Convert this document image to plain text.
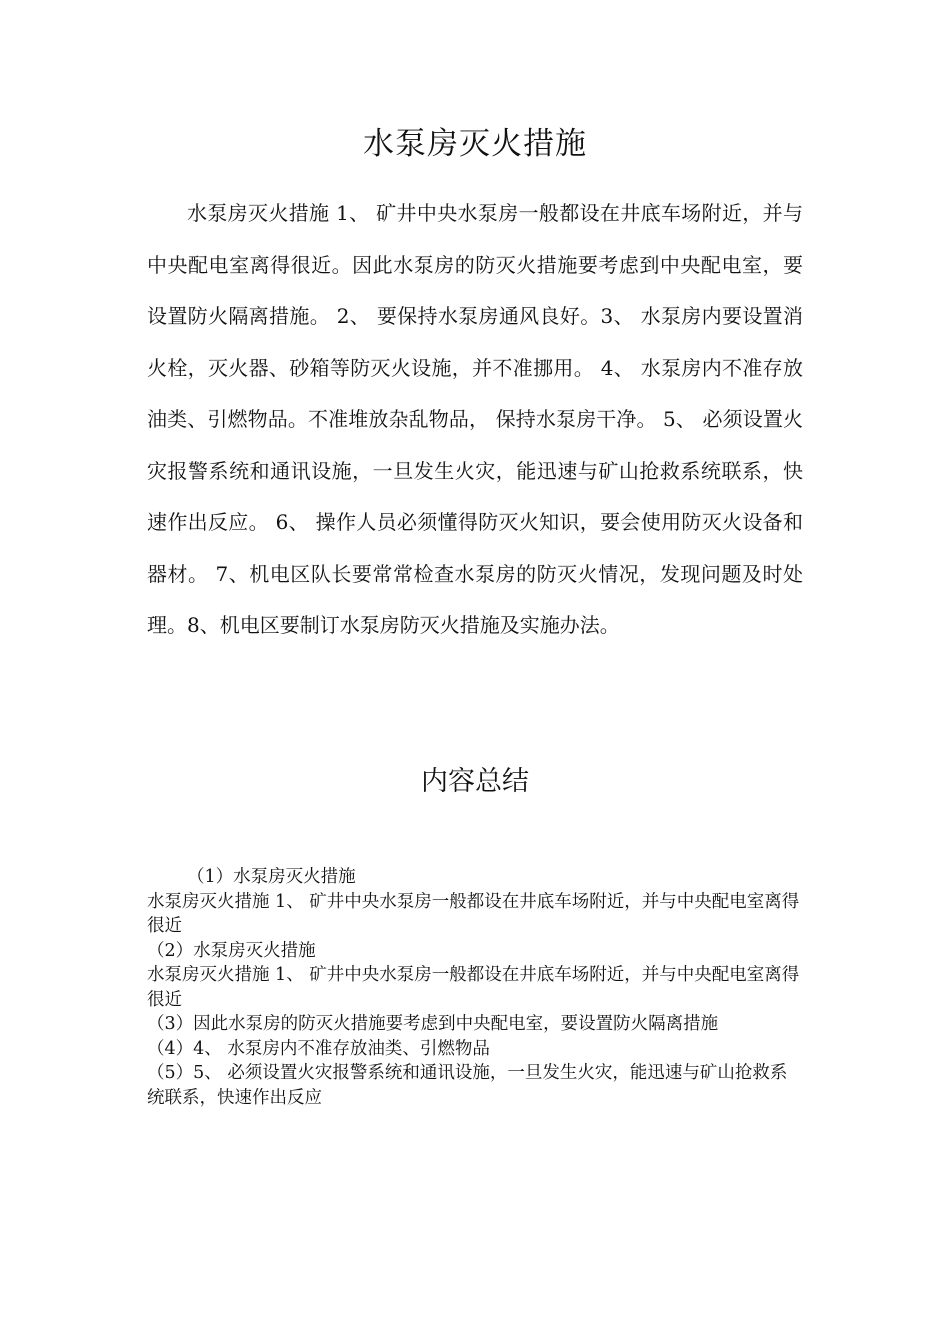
水泵房灭火措施

水泵房灭火措施 1、 矿井中央水泵房一般都设在井底车场附近，并与中央配电室离得很近。因此水泵房的防灭火措施要考虑到中央配电室，要设置防火隔离措施。 2、 要保持水泵房通风良好。3、 水泵房内要设置消火栓，灭火器、砂箱等防灭火设施，并不准挪用。 4、 水泵房内不准存放油类、引燃物品。不准堆放杂乱物品， 保持水泵房干净。 5、 必须设置火灾报警系统和通讯设施，一旦发生火灾，能迅速与矿山抢救系统联系，快速作出反应。 6、 操作人员必须懂得防灭火知识，要会使用防灭火设备和器材。 7、机电区队长要常常检查水泵房的防灭火情况，发现问题及时处理。8、机电区要制订水泵房防灭火措施及实施办法。

内容总结

（1）水泵房灭火措施

水泵房灭火措施 1、 矿井中央水泵房一般都设在井底车场附近，并与中央配电室离得很近

（2）水泵房灭火措施

水泵房灭火措施 1、 矿井中央水泵房一般都设在井底车场附近，并与中央配电室离得很近

（3）因此水泵房的防灭火措施要考虑到中央配电室，要设置防火隔离措施

（4）4、 水泵房内不准存放油类、引燃物品

（5）5、 必须设置火灾报警系统和通讯设施，一旦发生火灾，能迅速与矿山抢救系统联系，快速作出反应
